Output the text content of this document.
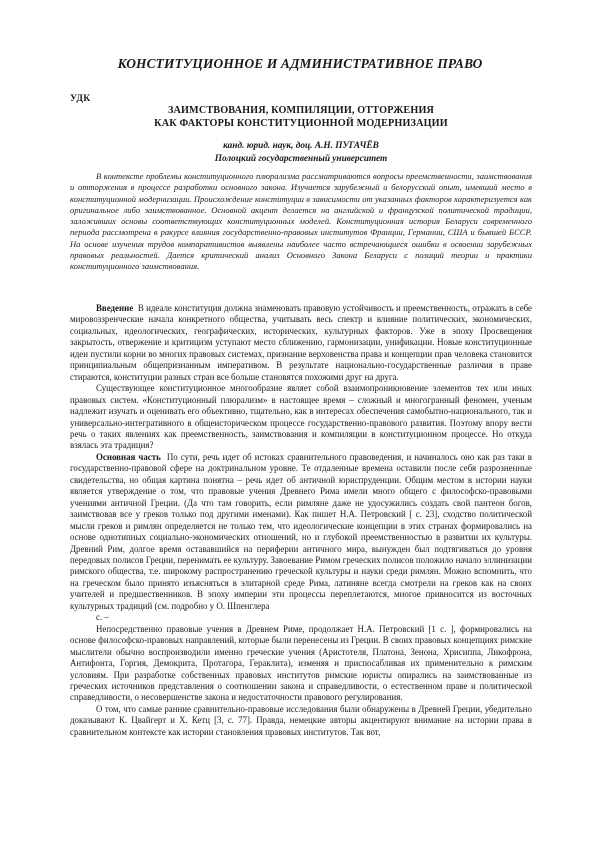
КОНСТИТУЦИОННОЕ И АДМИНИСТРАТИВНОЕ ПРАВО
УДК
ЗАИМСТВОВАНИЯ, КОМПИЛЯЦИИ, ОТТОРЖЕНИЯ
КАК ФАКТОРЫ КОНСТИТУЦИОННОЙ МОДЕРНИЗАЦИИ
канд. юрид. наук, доц. А.Н. ПУГАЧЁВ
Полоцкий государственный университет

В контексте проблемы конституционного плюрализма рассматриваются вопросы преемственности, заимствования и отторжения в процессе разработки основного закона. Изучается зарубежный и белорусский опыт, имевший место в конституционной модернизации. Происхождение конституции в зависимости от указанных факторов характеризуется как оригинальное либо заимствованное. Основной акцент делается на английской и французской политической традиции, заложивших основы соответствующих конституционных моделей. Конституционная история Беларуси современного периода рассмотрена в ракурсе влияния государственно-правовых институтов Франции, Германии, США и бывшей БССР. На основе изучения трудов компаративистов выявлены наиболее часто встречающиеся ошибки в освоении зарубежных правовых реальностей. Дается критический анализ Основного Закона Беларуси с позиций теории и практики конституционного заимствования.

Введение  В идеале конституция должна знаменовать правовую устойчивость и преемственность, отражать в себе мировоззренческие начала конкретного общества, учитывать весь спектр и влияние политических, экономических, социальных, идеологических, географических, исторических, культурных факторов. Уже в эпоху Просвещения закрытость, отвержение и критицизм уступают место сближению, гармонизации, унификации. Новые конституционные идеи пустили корни во многих правовых системах, признание верховенства права и концепции прав человека становится принципиальным общепризнанным императивом. В результате национально-государственные различия в праве стираются, конституции разных стран все больше становятся похожими друг на друга.

Существующее конституционное многообразие являет собой взаимопроникновение элементов тех или иных правовых систем. «Конституционный плюрализм» в настоящее время – сложный и многогранный феномен, ученым надлежит изучать и оценивать его объективно, тщательно, как в интересах обеспечения самобытно-национального, так и универсально-интегративного в общеисторическом процессе государственно-правового развития. Поэтому впору вести речь о таких явлениях как преемственность, заимствования и компиляции в конституционном процессе. Но откуда взялась эта традиция?

Основная часть  По сути, речь идет об истоках сравнительного правоведения, и начиналось оно как раз таки в государственно-правовой сфере на доктринальном уровне. Те отдаленные времена оставили после себя разрозненные свидетельства, но общая картина понятна – речь идет об античной юриспруденции. Общим местом в истории науки является утверждение о том, что правовые учения Древнего Рима имели много общего с философско-правовыми учениями античной Греции. (Да что там говорить, если римляне даже не удосужились создать свой пантеон богов, заимствовав все у греков только под другими именами). Как пишет Н.А. Петровский [ с. 23], сходство политической мысли греков и римлян определяется не только тем, что идеологические концепции в этих странах формировались на основе однотипных социально-экономических отношений, но и глубокой преемственностью в развитии их культуры. Древний Рим, долгое время остававшийся на периферии античного мира, вынужден был подтягиваться до уровня передовых полисов Греции, перенимать ее культуру. Завоевание Римом греческих полисов положило начало эллинизации римского общества, т.е. широкому распространению греческой культуры и науки среди римлян. Можно вспомнить, что на греческом было принято изъясняться в элитарной среде Рима, латиняне всегда смотрели на греков как на своих учителей и предшественников. В эпоху империи эти процессы переплетаются, многое привносится из восточных культурных традиций (см. подробно у О. Шпенглера

с. –

Непосредственно правовые учения в Древнем Риме, продолжает Н.А. Петровский [1 с. ], формировались на основе философско-правовых направлений, которые были перенесены из Греции. В своих правовых концепциях римские мыслители обычно воспроизводили именно греческие учения (Аристотеля, Платона, Зенона, Хрисиппа, Ликофрона, Антифонта, Горгия, Демокрита, Протагора, Гераклита), изменяя и приспосабливая их применительно к римским условиям. При разработке собственных правовых институтов римские юристы опирались на заимствованные из греческих источников представления о соотношении закона и справедливости, о естественном праве и политической справедливости, о несовершенстве закона и недостаточности правового регулирования.

О том, что самые ранние сравнительно-правовые исследования были обнаружены в Древней Греции, убедительно доказывают К. Цвайгерт и Х. Кетц [3, с. 77]. Правда, немецкие авторы акцентируют внимание на истории права в сравнительном контексте как истории становления правовых институтов. Так вот,
